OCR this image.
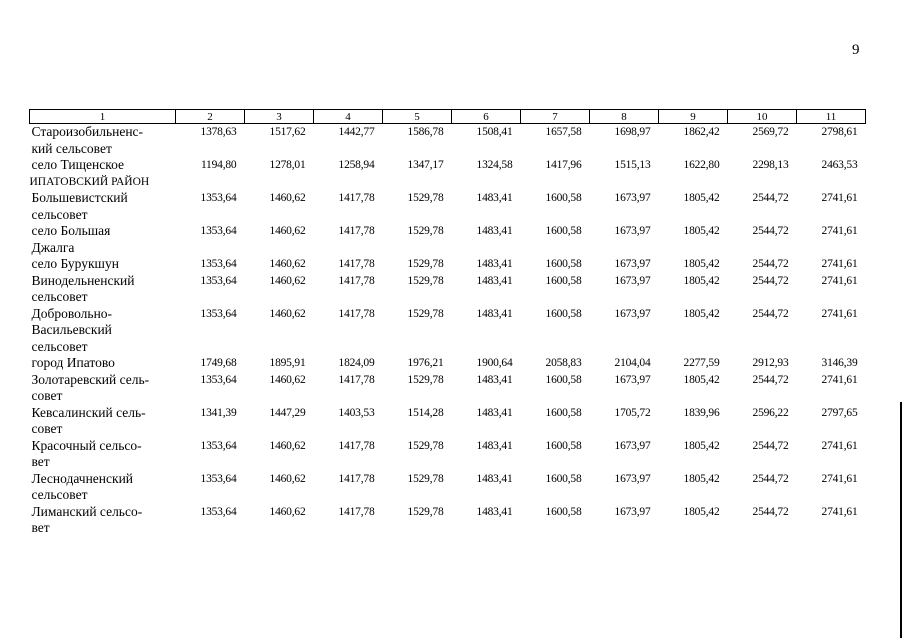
9
1	2	3	4	5	6	7	8	9	10	11
Староизобильненс-
кий сельсовет	1378,63	1517,62	1442,77	1586,78	1508,41	1657,58	1698,97	1862,42	2569,72	2798,61
село Тищенское	1194,80	1278,01	1258,94	1347,17	1324,58	1417,96	1515,13	1622,80	2298,13	2463,53
ИПАТОВСКИЙ РАЙОН										
Большевистский
сельсовет	1353,64	1460,62	1417,78	1529,78	1483,41	1600,58	1673,97	1805,42	2544,72	2741,61
село Большая
Джалга	1353,64	1460,62	1417,78	1529,78	1483,41	1600,58	1673,97	1805,42	2544,72	2741,61
село Бурукшун	1353,64	1460,62	1417,78	1529,78	1483,41	1600,58	1673,97	1805,42	2544,72	2741,61
Винодельненский
сельсовет	1353,64	1460,62	1417,78	1529,78	1483,41	1600,58	1673,97	1805,42	2544,72	2741,61
Добровольно-
Васильевский
сельсовет	1353,64	1460,62	1417,78	1529,78	1483,41	1600,58	1673,97	1805,42	2544,72	2741,61
город Ипатово	1749,68	1895,91	1824,09	1976,21	1900,64	2058,83	2104,04	2277,59	2912,93	3146,39
Золотаревский сель-
совет	1353,64	1460,62	1417,78	1529,78	1483,41	1600,58	1673,97	1805,42	2544,72	2741,61
Кевсалинский сель-
совет	1341,39	1447,29	1403,53	1514,28	1483,41	1600,58	1705,72	1839,96	2596,22	2797,65
Красочный сельсо-
вет	1353,64	1460,62	1417,78	1529,78	1483,41	1600,58	1673,97	1805,42	2544,72	2741,61
Леснодачненский
сельсовет	1353,64	1460,62	1417,78	1529,78	1483,41	1600,58	1673,97	1805,42	2544,72	2741,61
Лиманский сельсо-
вет	1353,64	1460,62	1417,78	1529,78	1483,41	1600,58	1673,97	1805,42	2544,72	2741,61
